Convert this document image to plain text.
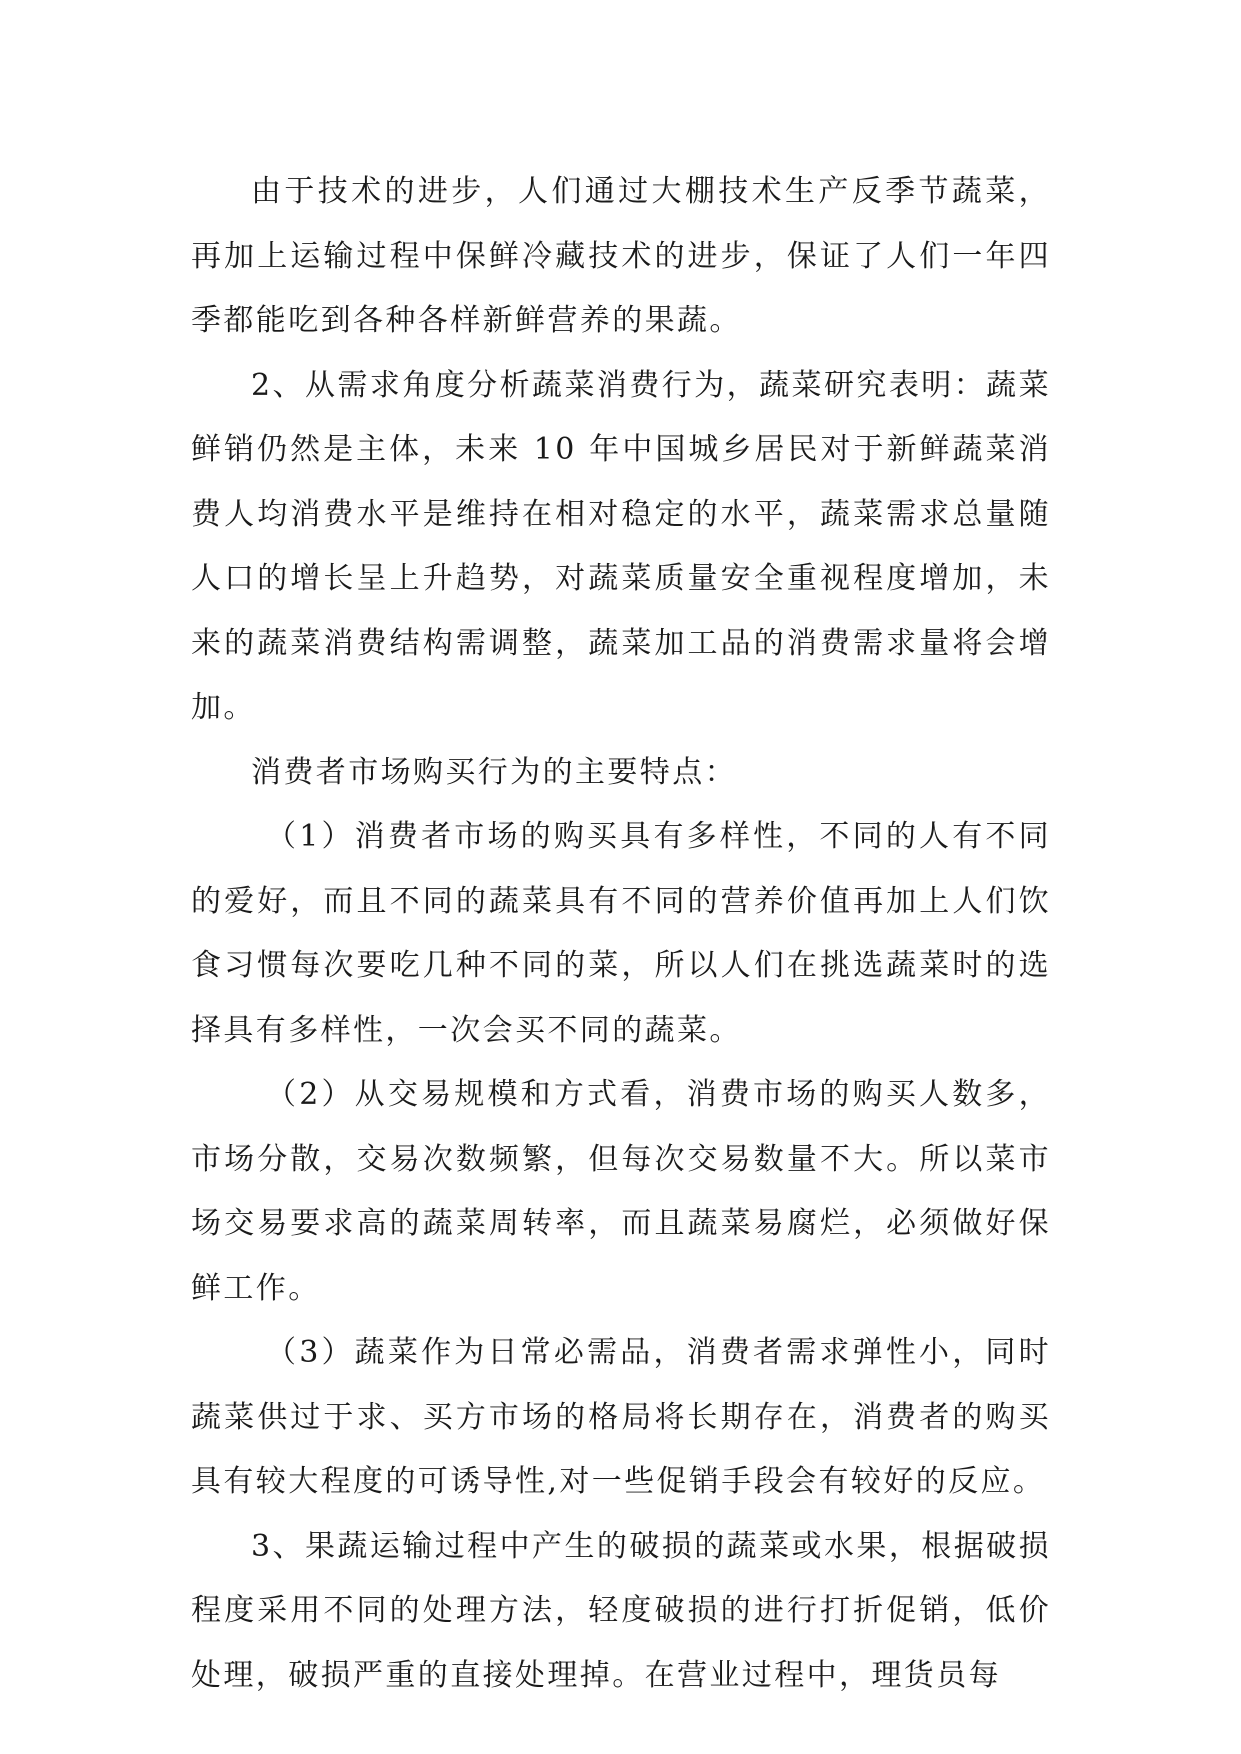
由于技术的进步，人们通过大棚技术生产反季节蔬菜，再加上运输过程中保鲜冷藏技术的进步，保证了人们一年四季都能吃到各种各样新鲜营养的果蔬。

2、从需求角度分析蔬菜消费行为，蔬菜研究表明：蔬菜鲜销仍然是主体，未来 10 年中国城乡居民对于新鲜蔬菜消费人均消费水平是维持在相对稳定的水平，蔬菜需求总量随人口的增长呈上升趋势，对蔬菜质量安全重视程度增加，未来的蔬菜消费结构需调整，蔬菜加工品的消费需求量将会增加。

消费者市场购买行为的主要特点：

（1）消费者市场的购买具有多样性，不同的人有不同的爱好，而且不同的蔬菜具有不同的营养价值再加上人们饮食习惯每次要吃几种不同的菜，所以人们在挑选蔬菜时的选择具有多样性，一次会买不同的蔬菜。

（2）从交易规模和方式看，消费市场的购买人数多，市场分散，交易次数频繁，但每次交易数量不大。所以菜市场交易要求高的蔬菜周转率，而且蔬菜易腐烂，必须做好保鲜工作。

（3）蔬菜作为日常必需品，消费者需求弹性小，同时蔬菜供过于求、买方市场的格局将长期存在，消费者的购买具有较大程度的可诱导性,对一些促销手段会有较好的反应。

3、果蔬运输过程中产生的破损的蔬菜或水果，根据破损程度采用不同的处理方法，轻度破损的进行打折促销，低价处理，破损严重的直接处理掉。在营业过程中，理货员每
